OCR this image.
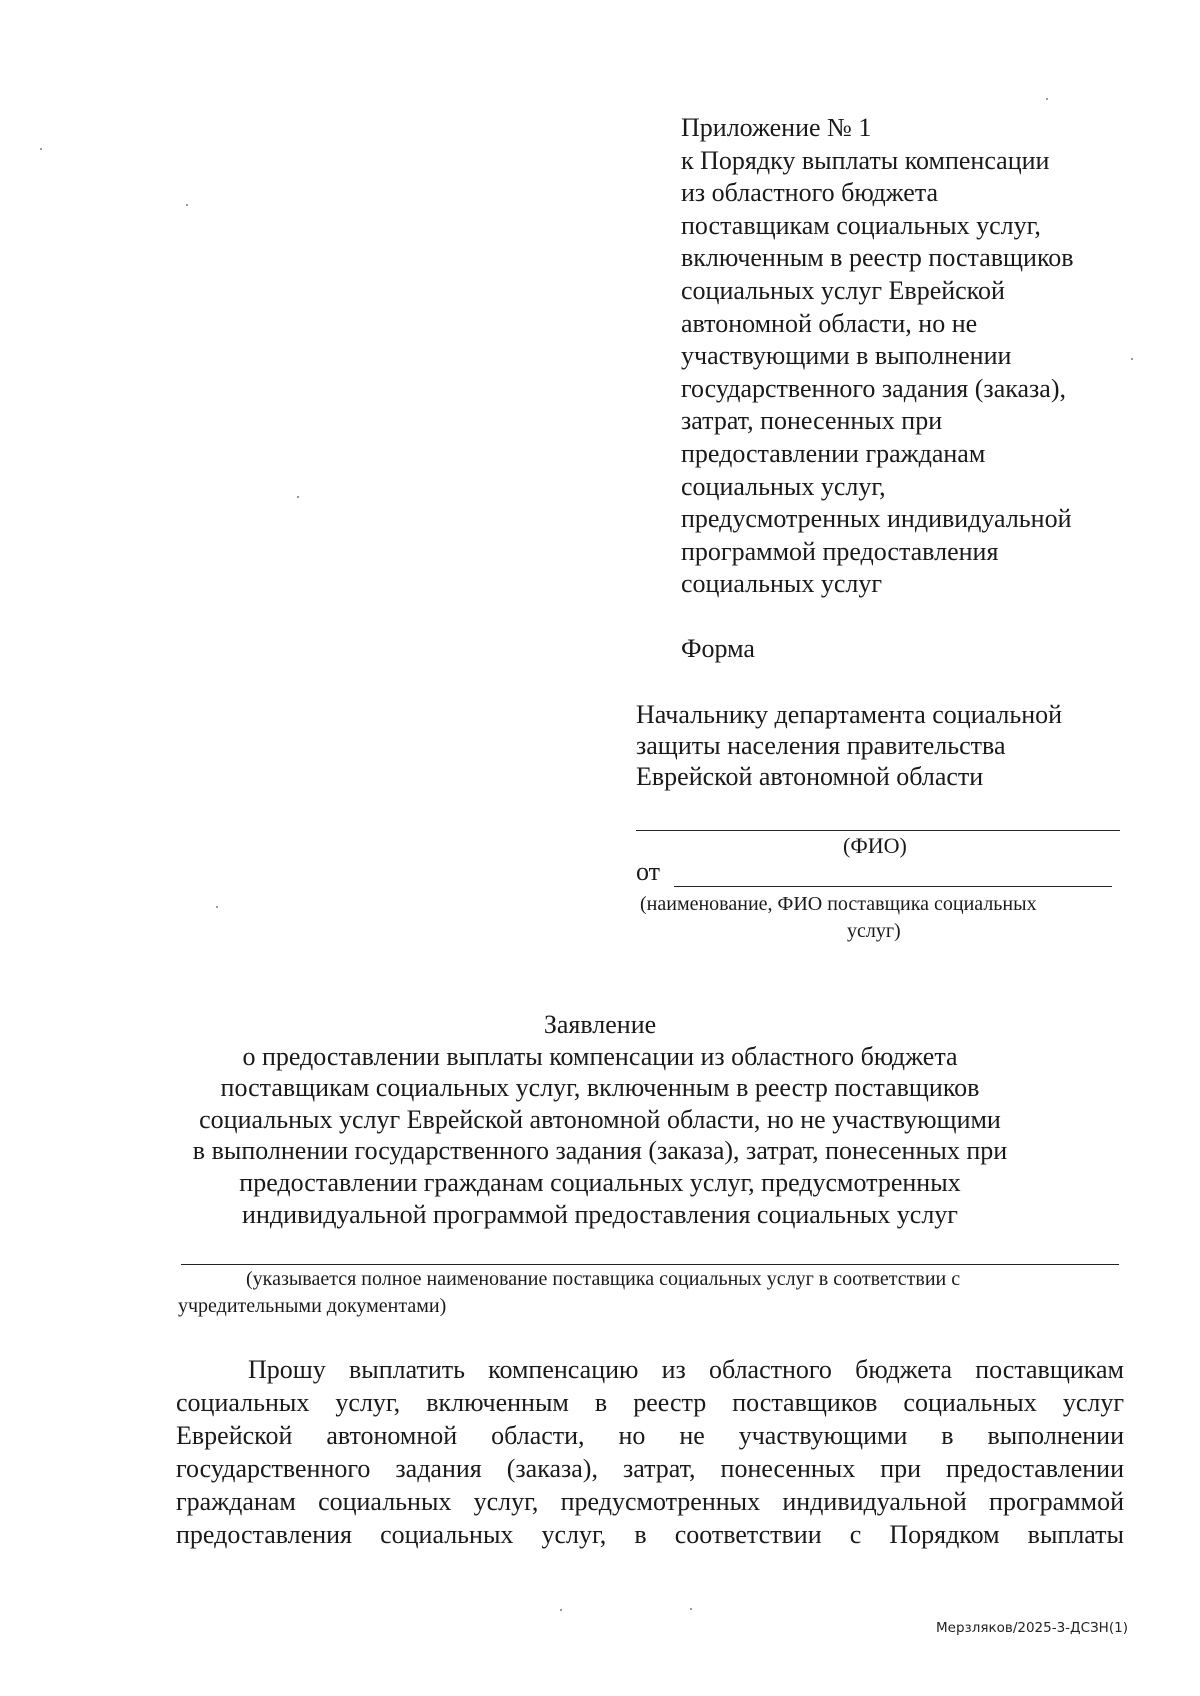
Приложение № 1
к Порядку выплаты компенсации
из областного бюджета
поставщикам социальных услуг,
включенным в реестр поставщиков
социальных услуг Еврейской
автономной области, но не
участвующими в выполнении
государственного задания (заказа),
затрат, понесенных при
предоставлении гражданам
социальных услуг,
предусмотренных индивидуальной
программой предоставления
социальных услуг
Форма
Начальнику департамента социальной
защиты населения правительства
Еврейской автономной области
(ФИО)
от
(наименование, ФИО поставщика социальных
услуг)
Заявление
о предоставлении выплаты компенсации из областного бюджета
поставщикам социальных услуг, включенным в реестр поставщиков
социальных услуг Еврейской автономной области, но не участвующими
в выполнении государственного задания (заказа), затрат, понесенных при
предоставлении гражданам социальных услуг, предусмотренных
индивидуальной программой предоставления социальных услуг
(указывается полное наименование поставщика социальных услуг в соответствии с
учредительными документами)
Прошу выплатить компенсацию из областного бюджета поставщикам
социальных услуг, включенным в реестр поставщиков социальных услуг
Еврейской автономной области, но не участвующими в выполнении
государственного задания (заказа), затрат, понесенных при предоставлении
гражданам социальных услуг, предусмотренных индивидуальной программой
предоставления социальных услуг, в соответствии с Порядком выплаты
Мерзляков/2025-3-ДСЗН(1)
